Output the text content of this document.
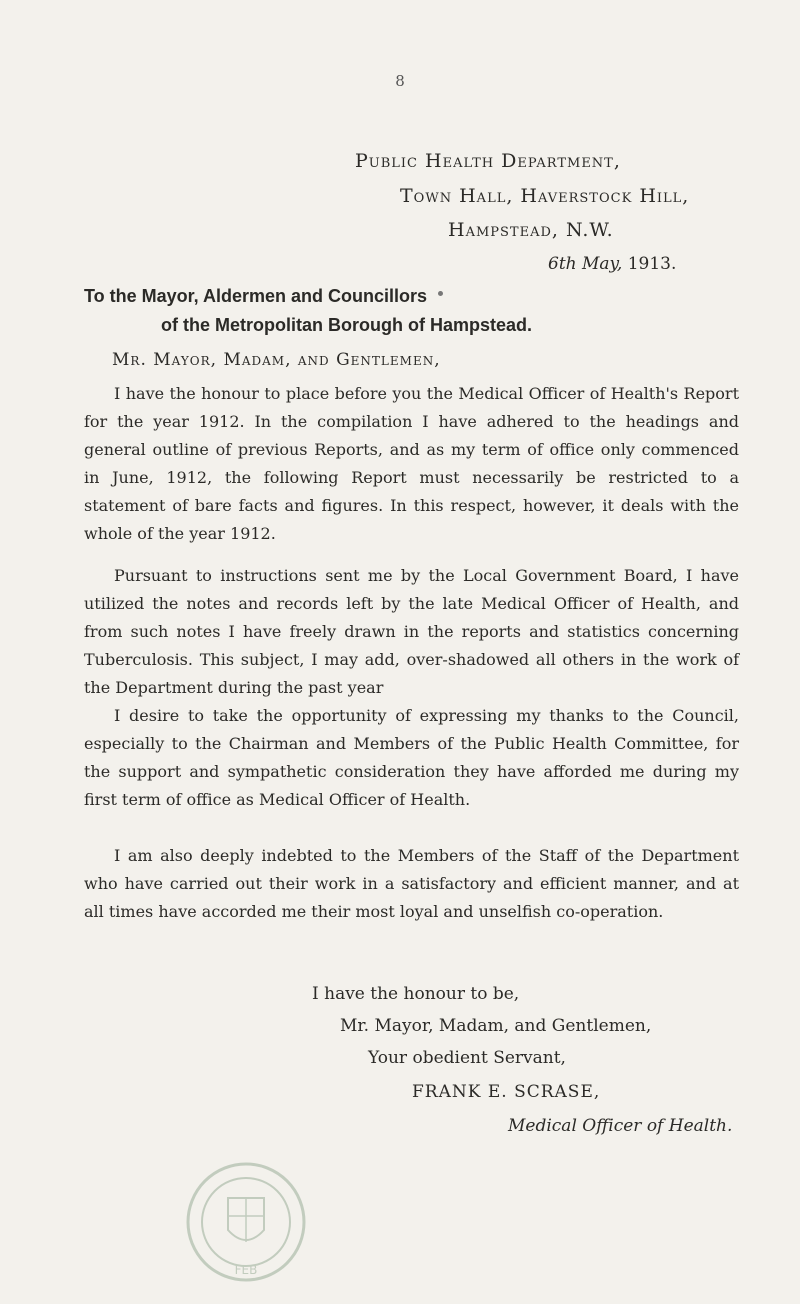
8
Public Health Department,
Town Hall, Haverstock Hill,
Hampstead, N.W.
6th May, 1913.
To the Mayor, Aldermen and Councillors
of the Metropolitan Borough of Hampstead.
Mr. Mayor, Madam, and Gentlemen,

I have the honour to place before you the Medical Officer of Health's Report for the year 1912. In the compilation I have adhered to the headings and general outline of previous Reports, and as my term of office only commenced in June, 1912, the following Report must necessarily be restricted to a statement of bare facts and figures. In this respect, however, it deals with the whole of the year 1912.

Pursuant to instructions sent me by the Local Government Board, I have utilized the notes and records left by the late Medical Officer of Health, and from such notes I have freely drawn in the reports and statistics concerning Tuberculosis. This subject, I may add, over-shadowed all others in the work of the Department during the past year

I desire to take the opportunity of expressing my thanks to the Council, especially to the Chairman and Members of the Public Health Committee, for the support and sympathetic consideration they have afforded me during my first term of office as Medical Officer of Health.

I am also deeply indebted to the Members of the Staff of the Department who have carried out their work in a satisfactory and efficient manner, and at all times have accorded me their most loyal and unselfish co-operation.

I have the honour to be,
Mr. Mayor, Madam, and Gentlemen,
Your obedient Servant,
FRANK E. SCRASE,
Medical Officer of Health.
FEB
